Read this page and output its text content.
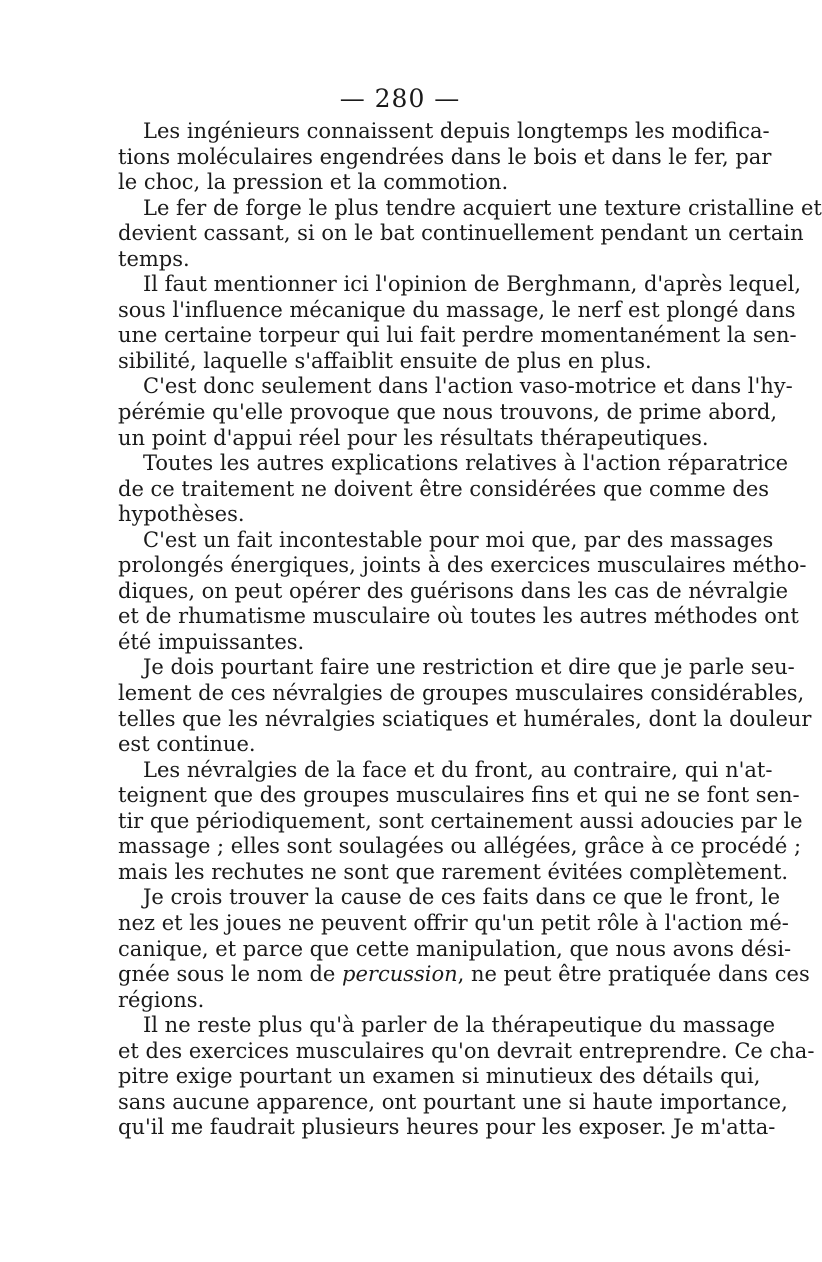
— 280 —
Les ingénieurs connaissent depuis longtemps les modifica-
tions moléculaires engendrées dans le bois et dans le fer, par
le choc, la pression et la commotion.
Le fer de forge le plus tendre acquiert une texture cristalline et
devient cassant, si on le bat continuellement pendant un certain
temps.
Il faut mentionner ici l'opinion de Berghmann, d'après lequel,
sous l'influence mécanique du massage, le nerf est plongé dans
une certaine torpeur qui lui fait perdre momentanément la sen-
sibilité, laquelle s'affaiblit ensuite de plus en plus.
C'est donc seulement dans l'action vaso-motrice et dans l'hy-
pérémie qu'elle provoque que nous trouvons, de prime abord,
un point d'appui réel pour les résultats thérapeutiques.
Toutes les autres explications relatives à l'action réparatrice
de ce traitement ne doivent être considérées que comme des
hypothèses.
C'est un fait incontestable pour moi que, par des massages
prolongés énergiques, joints à des exercices musculaires métho-
diques, on peut opérer des guérisons dans les cas de névralgie
et de rhumatisme musculaire où toutes les autres méthodes ont
été impuissantes.
Je dois pourtant faire une restriction et dire que je parle seu-
lement de ces névralgies de groupes musculaires considérables,
telles que les névralgies sciatiques et humérales, dont la douleur
est continue.
Les névralgies de la face et du front, au contraire, qui n'at-
teignent que des groupes musculaires fins et qui ne se font sen-
tir que périodiquement, sont certainement aussi adoucies par le
massage ; elles sont soulagées ou allégées, grâce à ce procédé ;
mais les rechutes ne sont que rarement évitées complètement.
Je crois trouver la cause de ces faits dans ce que le front, le
nez et les joues ne peuvent offrir qu'un petit rôle à l'action mé-
canique, et parce que cette manipulation, que nous avons dési-
gnée sous le nom de percussion, ne peut être pratiquée dans ces
régions.
Il ne reste plus qu'à parler de la thérapeutique du massage
et des exercices musculaires qu'on devrait entreprendre. Ce cha-
pitre exige pourtant un examen si minutieux des détails qui,
sans aucune apparence, ont pourtant une si haute importance,
qu'il me faudrait plusieurs heures pour les exposer. Je m'atta-
